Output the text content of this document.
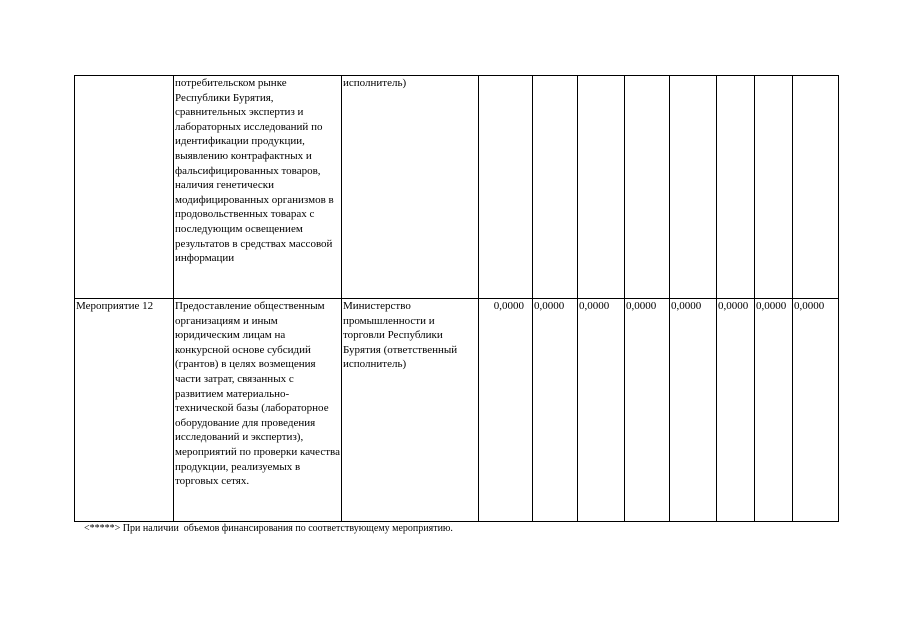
	потребительском рынке Республики Бурятия, сравнительных экспертиз и лабораторных исследований по идентификации продукции, выявлению контрафактных и фальсифицированных товаров, наличия генетически модифицированных организмов в продовольственных товарах с последующим освещением результатов в средствах массовой информации	исполнитель)								
Мероприятие 12	Предоставление общественным организациям и иным юридическим лицам на конкурсной основе субсидий (грантов) в целях возмещения части затрат, связанных с развитием материально-технической базы (лабораторное оборудование для проведения исследований и экспертиз), мероприятий по проверки качества продукции, реализуемых в торговых сетях.	Министерство промышленности и торговли Республики Бурятия (ответственный исполнитель)	0,0000	0,0000	0,0000	0,0000	0,0000	0,0000	0,0000	0,0000
<*****> При наличии  объемов финансирования по соответствующему мероприятию.
